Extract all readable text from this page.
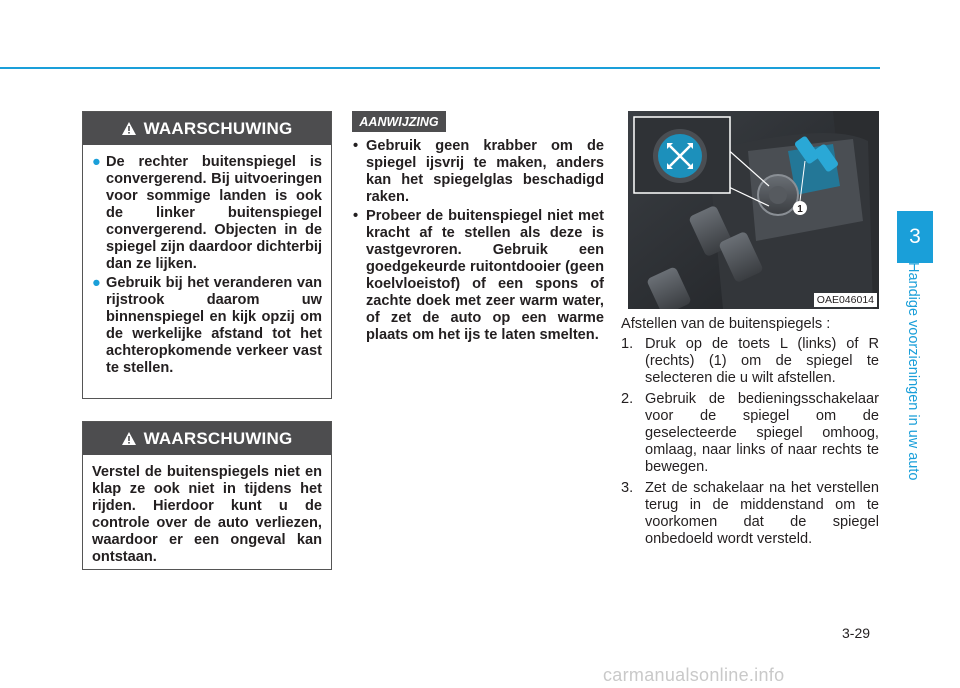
WAARSCHUWING
● De rechter buitenspiegel is convergerend. Bij uitvoeringen voor sommige landen is ook de linker buitenspiegel convergerend. Objecten in de spiegel zijn daardoor dichterbij dan ze lijken.
● Gebruik bij het veranderen van rijstrook daarom uw binnenspiegel en kijk opzij om de werkelijke afstand tot het achteropkomende verkeer vast te stellen.
WAARSCHUWING
Verstel de buitenspiegels niet en klap ze ook niet in tijdens het rijden. Hierdoor kunt u de controle over de auto verliezen, waardoor er een ongeval kan ontstaan.
AANWIJZING
• Gebruik geen krabber om de spiegel ijsvrij te maken, anders kan het spiegelglas beschadigd raken.
• Probeer de buitenspiegel niet met kracht af te stellen als deze is vastgevroren. Gebruik een goedgekeurde ruitontdooier (geen koelvloeistof) of een spons of zachte doek met zeer warm water, of zet de auto op een warme plaats om het ijs te laten smelten.
1
OAE046014
Afstellen van de buitenspiegels :
1. Druk op de toets L (links) of R (rechts) (1) om de spiegel te selecteren die u wilt afstellen.
2. Gebruik de bedieningsschakelaar voor de spiegel om de geselecteerde spiegel omhoog, omlaag, naar links of naar rechts te bewegen.
3. Zet de schakelaar na het verstellen terug in de middenstand om te voorkomen dat de spiegel onbedoeld wordt versteld.
3
Handige voorzieningen in uw auto
3-29
carmanualsonline.info
